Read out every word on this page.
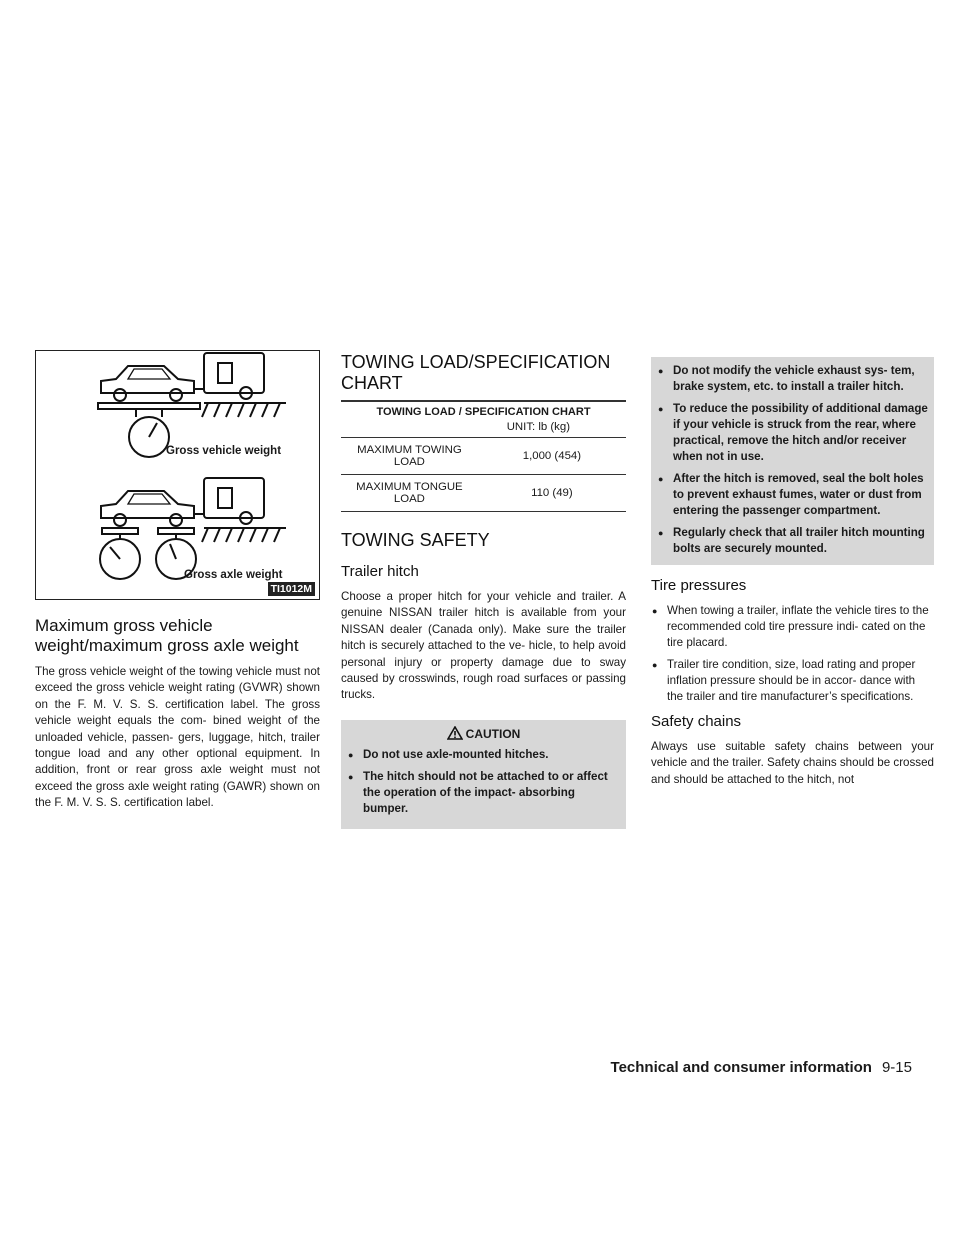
Gross vehicle weight
Gross axle weight
TI1012M
Maximum gross vehicle weight/maximum gross axle weight

The gross vehicle weight of the towing vehicle must not exceed the gross vehicle weight rating (GVWR) shown on the F. M. V. S. S. certification label. The gross vehicle weight equals the com- bined weight of the unloaded vehicle, passen- gers, luggage, hitch, trailer tongue load and any other optional equipment. In addition, front or rear gross axle weight must not exceed the gross axle weight rating (GAWR) shown on the F. M. V. S. S. certification label.

TOWING LOAD/SPECIFICATION CHART
TOWING LOAD / SPECIFICATION CHART
UNIT: lb (kg)
MAXIMUM TOWING LOAD	1,000 (454)
MAXIMUM TONGUE LOAD	110 (49)
TOWING SAFETY
Trailer hitch

Choose a proper hitch for your vehicle and trailer. A genuine NISSAN trailer hitch is available from your NISSAN dealer (Canada only). Make sure the trailer hitch is securely attached to the ve- hicle, to help avoid personal injury or property damage due to sway caused by crosswinds, rough road surfaces or passing trucks.

CAUTION
● Do not use axle-mounted hitches.
● The hitch should not be attached to or affect the operation of the impact- absorbing bumper.
● Do not modify the vehicle exhaust sys- tem, brake system, etc. to install a trailer hitch.
● To reduce the possibility of additional damage if your vehicle is struck from the rear, where practical, remove the hitch and/or receiver when not in use.
● After the hitch is removed, seal the bolt holes to prevent exhaust fumes, water or dust from entering the passenger compartment.
● Regularly check that all trailer hitch mounting bolts are securely mounted.
Tire pressures
● When towing a trailer, inflate the vehicle tires to the recommended cold tire pressure indi- cated on the tire placard.
● Trailer tire condition, size, load rating and proper inflation pressure should be in accor- dance with the trailer and tire manufacturer’s specifications.
Safety chains

Always use suitable safety chains between your vehicle and the trailer. Safety chains should be crossed and should be attached to the hitch, not

Technical and consumer information 9-15
